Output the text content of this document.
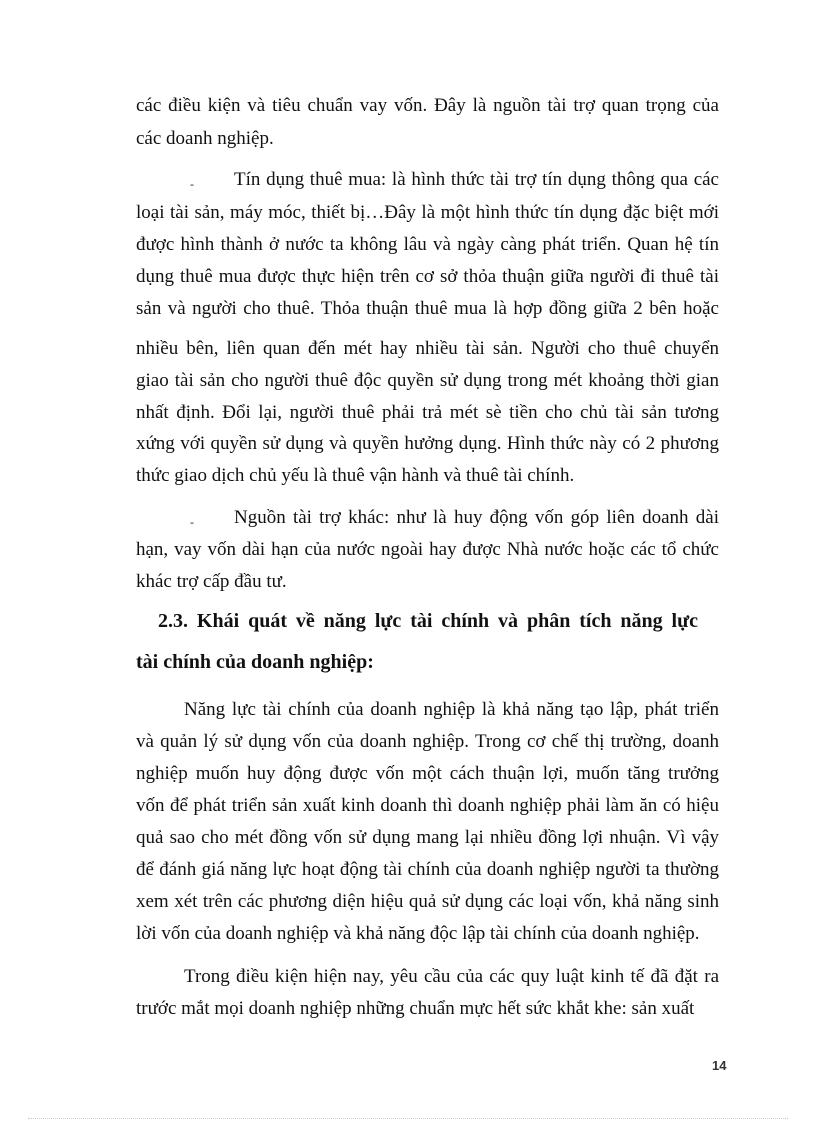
các điều kiện và tiêu chuẩn vay vốn. Đây là nguồn tài trợ quan trọng của
các doanh nghiệp.
- Tín dụng thuê mua: là hình thức tài trợ tín dụng thông qua các
loại tài sản, máy móc, thiết bị…Đây là một hình thức tín dụng đặc biệt mới
được hình thành ở nước ta không lâu và ngày càng phát triển. Quan hệ tín
dụng thuê mua được thực hiện trên cơ sở thỏa thuận giữa người đi thuê tài
sản và người cho thuê. Thỏa thuận thuê mua là hợp đồng giữa 2 bên hoặc
nhiều bên, liên quan đến mét hay nhiều tài sản. Người cho thuê chuyển
giao tài sản cho người thuê độc quyền sử dụng trong mét khoảng thời gian
nhất định. Đổi lại, người thuê phải trả mét sè tiền cho chủ tài sản tương
xứng với quyền sử dụng và quyền hưởng dụng. Hình thức này có 2 phương
thức giao dịch chủ yếu là thuê vận hành và thuê tài chính.
- Nguồn tài trợ khác: như là huy động vốn góp liên doanh dài
hạn, vay vốn dài hạn của nước ngoài hay được Nhà nước hoặc các tổ chức
khác trợ cấp đầu tư.
2.3. Khái quát về năng lực tài chính và phân tích năng lực
tài chính của doanh nghiệp:
Năng lực tài chính của doanh nghiệp là khả năng tạo lập, phát triển
và quản lý sử dụng vốn của doanh nghiệp. Trong cơ chế thị trường, doanh
nghiệp muốn huy động được vốn một cách thuận lợi, muốn tăng trưởng
vốn để phát triển sản xuất kinh doanh thì doanh nghiệp phải làm ăn có hiệu
quả sao cho mét đồng vốn sử dụng mang lại nhiều đồng lợi nhuận. Vì vậy
để đánh giá năng lực hoạt động tài chính của doanh nghiệp người ta thường
xem xét trên các phương diện hiệu quả sử dụng các loại vốn, khả năng sinh
lời vốn của doanh nghiệp và khả năng độc lập tài chính của doanh nghiệp.
Trong điều kiện hiện nay, yêu cầu của các quy luật kinh tế đã đặt ra
trước mắt mọi doanh nghiệp những chuẩn mực hết sức khắt khe: sản xuất
14
